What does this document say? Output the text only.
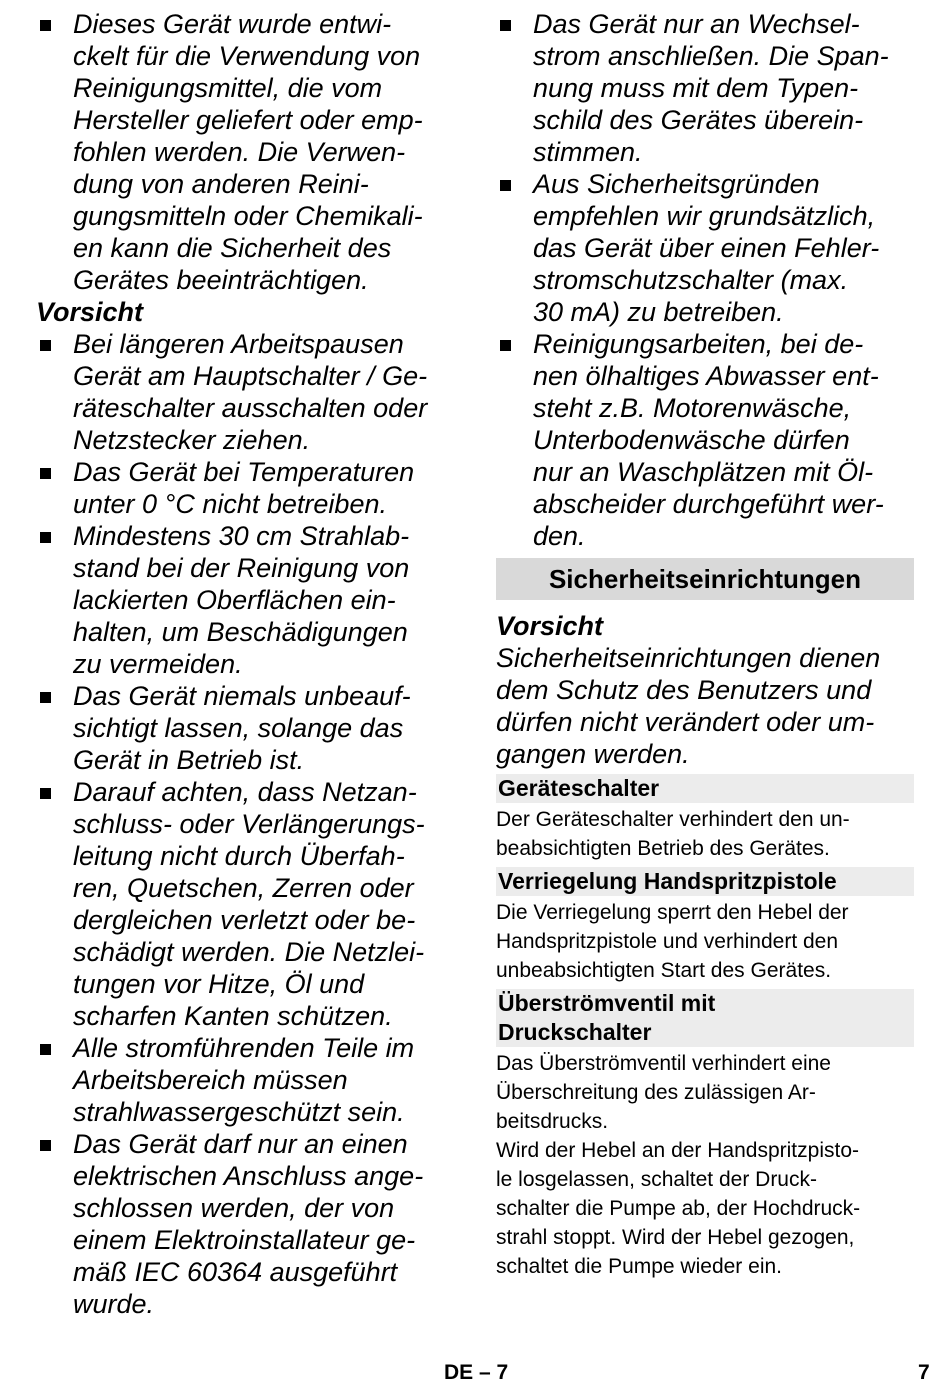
Dieses Gerät wurde entwi-
ckelt für die Verwendung von
Reinigungsmittel, die vom
Hersteller geliefert oder emp-
fohlen werden. Die Verwen-
dung von anderen Reini-
gungsmitteln oder Chemikali-
en kann die Sicherheit des
Gerätes beeinträchtigen.
Vorsicht
Bei längeren Arbeitspausen
Gerät am Hauptschalter / Ge-
räteschalter ausschalten oder
Netzstecker ziehen.
Das Gerät bei Temperaturen
unter 0 °C nicht betreiben.
Mindestens 30 cm Strahlab-
stand bei der Reinigung von
lackierten Oberflächen ein-
halten, um Beschädigungen
zu vermeiden.
Das Gerät niemals unbeauf-
sichtigt lassen, solange das
Gerät in Betrieb ist.
Darauf achten, dass Netzan-
schluss- oder Verlängerungs-
leitung nicht durch Überfah-
ren, Quetschen, Zerren oder
dergleichen verletzt oder be-
schädigt werden. Die Netzlei-
tungen vor Hitze, Öl und
scharfen Kanten schützen.
Alle stromführenden Teile im
Arbeitsbereich müssen
strahlwassergeschützt sein.
Das Gerät darf nur an einen
elektrischen Anschluss ange-
schlossen werden, der von
einem Elektroinstallateur ge-
mäß IEC 60364 ausgeführt
wurde.
Das Gerät nur an Wechsel-
strom anschließen. Die Span-
nung muss mit dem Typen-
schild des Gerätes überein-
stimmen.
Aus Sicherheitsgründen
empfehlen wir grundsätzlich,
das Gerät über einen Fehler-
stromschutzschalter (max.
30 mA) zu betreiben.
Reinigungsarbeiten, bei de-
nen ölhaltiges Abwasser ent-
steht z.B. Motorenwäsche,
Unterbodenwäsche dürfen
nur an Waschplätzen mit Öl-
abscheider durchgeführt wer-
den.
Sicherheitseinrichtungen
Vorsicht
Sicherheitseinrichtungen dienen
dem Schutz des Benutzers und
dürfen nicht verändert oder um-
gangen werden.
Geräteschalter
Der Geräteschalter verhindert den un-
beabsichtigten Betrieb des Gerätes.
Verriegelung Handspritzpistole
Die Verriegelung sperrt den Hebel der
Handspritzpistole und verhindert den
unbeabsichtigten Start des Gerätes.
Überströmventil mit
Druckschalter
Das Überströmventil verhindert eine
Überschreitung des zulässigen Ar-
beitsdrucks.
Wird der Hebel an der Handspritzpisto-
le losgelassen, schaltet der Druck-
schalter die Pumpe ab, der Hochdruck-
strahl stoppt. Wird der Hebel gezogen,
schaltet die Pumpe wieder ein.
DE – 7	7
